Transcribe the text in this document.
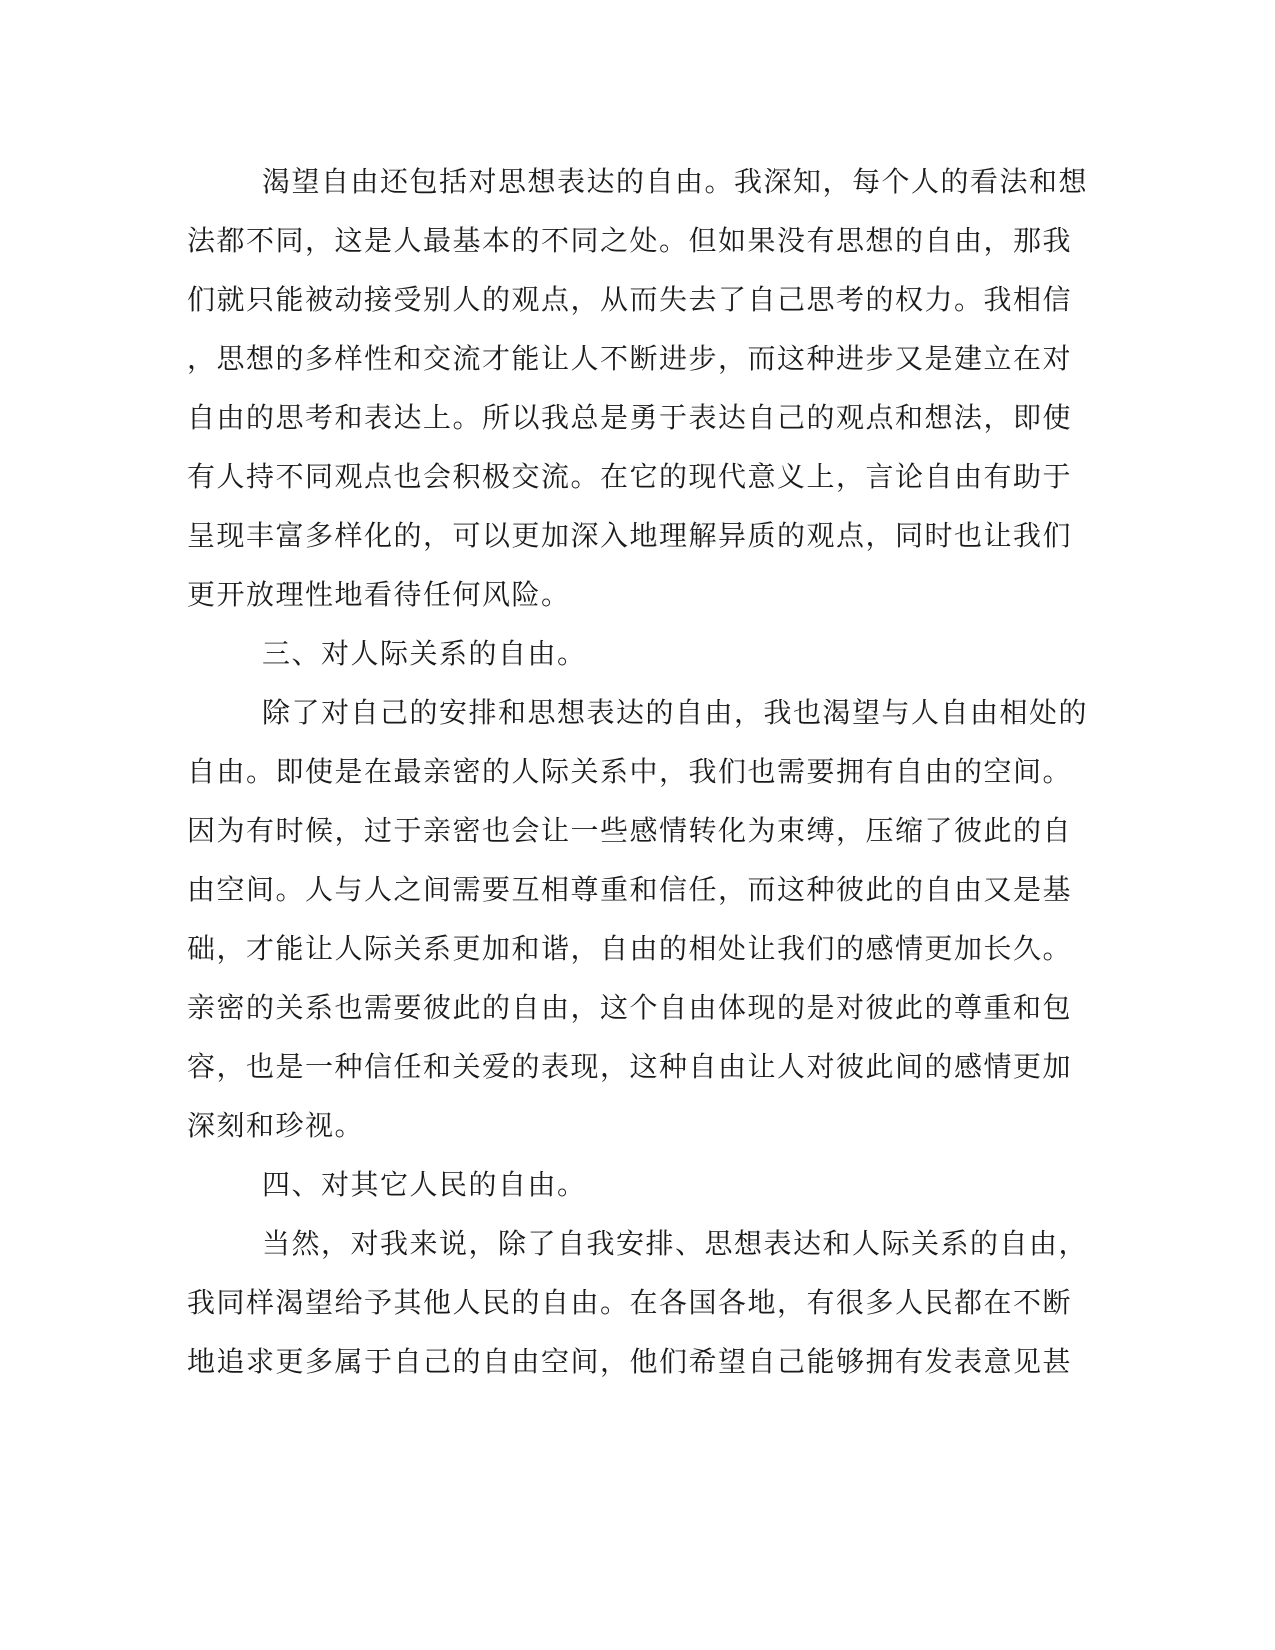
渴望自由还包括对思想表达的自由。我深知，每个人的看法和想
法都不同，这是人最基本的不同之处。但如果没有思想的自由，那我
们就只能被动接受别人的观点，从而失去了自己思考的权力。我相信
，思想的多样性和交流才能让人不断进步，而这种进步又是建立在对
自由的思考和表达上。所以我总是勇于表达自己的观点和想法，即使
有人持不同观点也会积极交流。在它的现代意义上，言论自由有助于
呈现丰富多样化的，可以更加深入地理解异质的观点，同时也让我们
更开放理性地看待任何风险。
三、对人际关系的自由。
除了对自己的安排和思想表达的自由，我也渴望与人自由相处的
自由。即使是在最亲密的人际关系中，我们也需要拥有自由的空间。
因为有时候，过于亲密也会让一些感情转化为束缚，压缩了彼此的自
由空间。人与人之间需要互相尊重和信任，而这种彼此的自由又是基
础，才能让人际关系更加和谐，自由的相处让我们的感情更加长久。
亲密的关系也需要彼此的自由，这个自由体现的是对彼此的尊重和包
容，也是一种信任和关爱的表现，这种自由让人对彼此间的感情更加
深刻和珍视。
四、对其它人民的自由。
当然，对我来说，除了自我安排、思想表达和人际关系的自由，
我同样渴望给予其他人民的自由。在各国各地，有很多人民都在不断
地追求更多属于自己的自由空间，他们希望自己能够拥有发表意见甚
